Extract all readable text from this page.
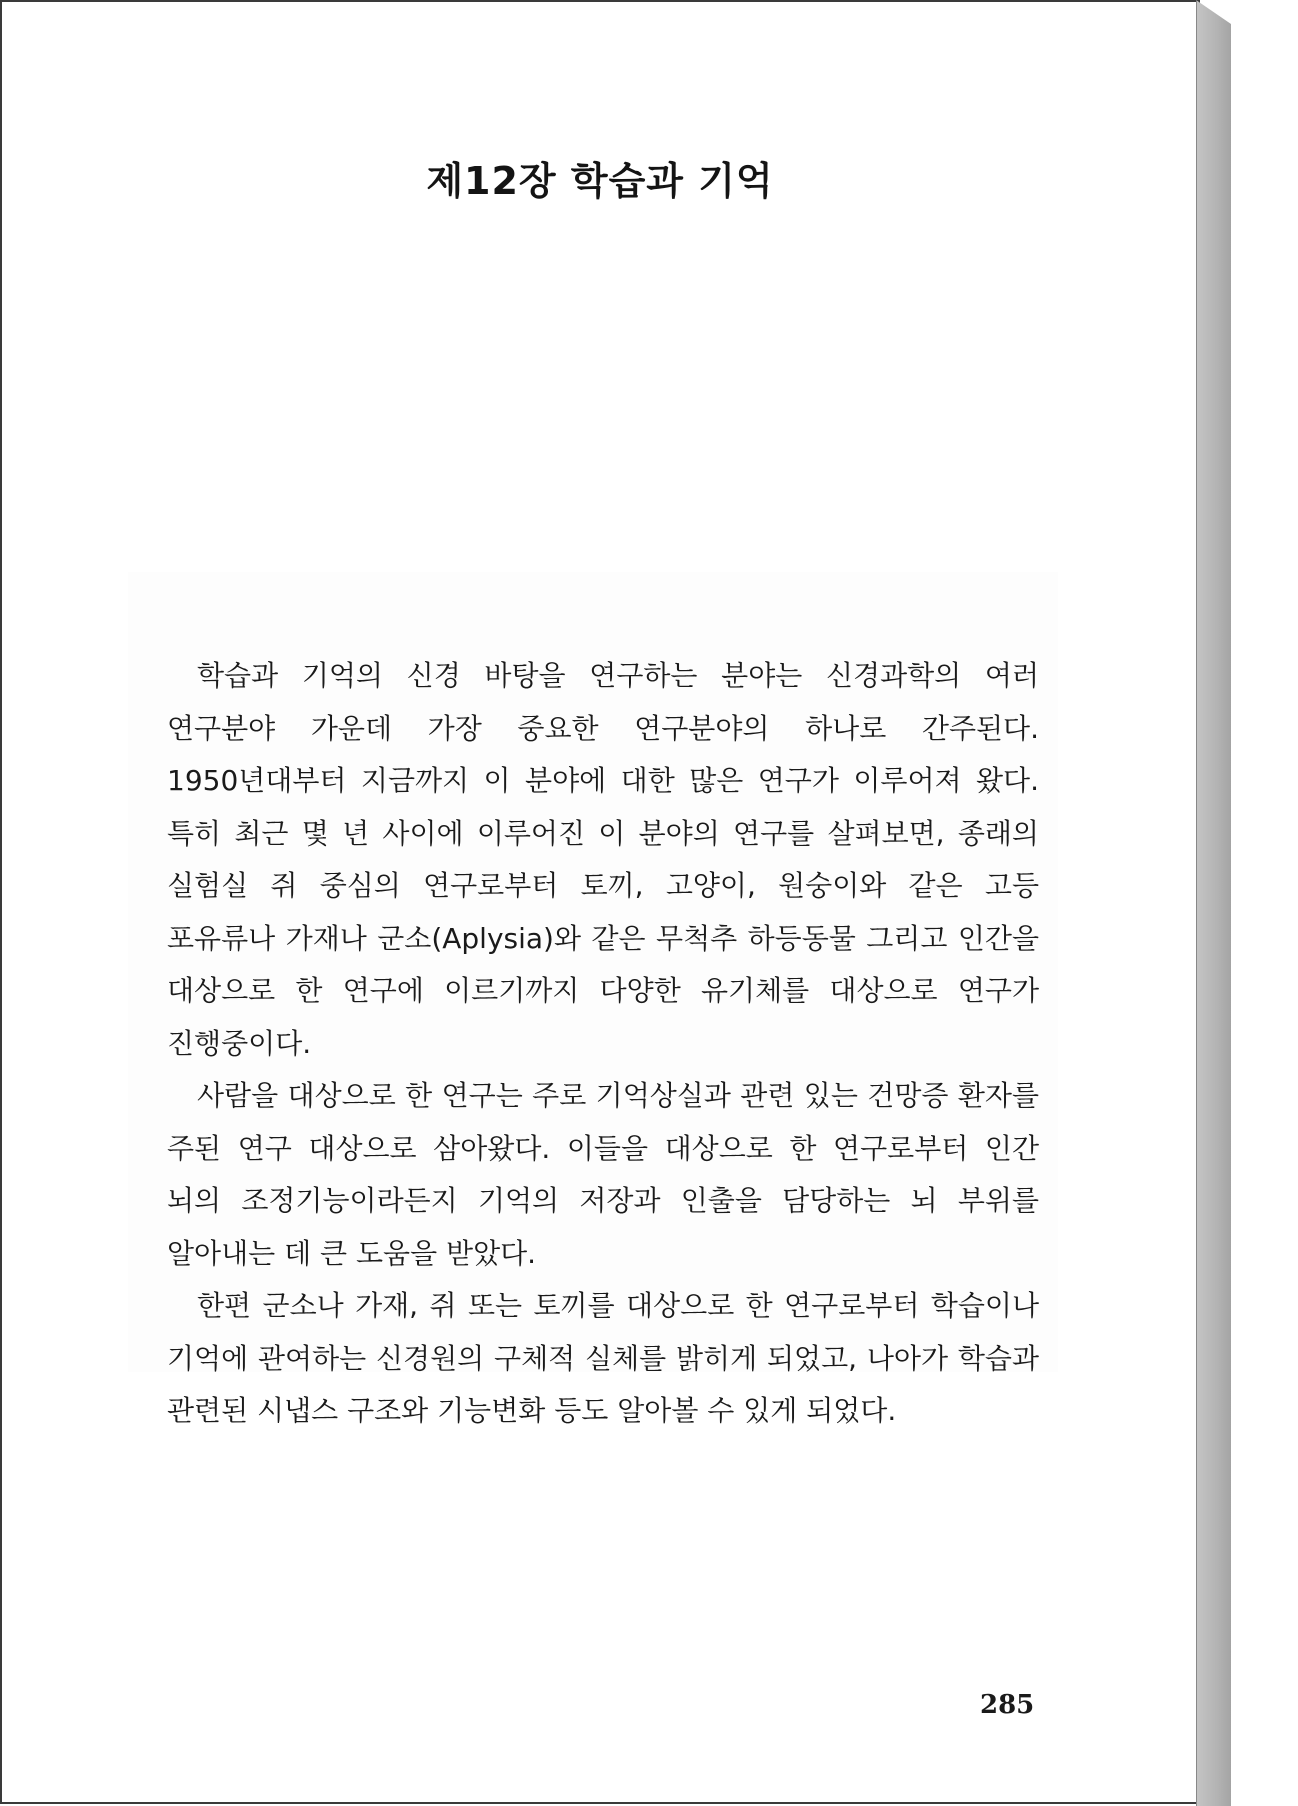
제12장 학습과 기억

학습과 기억의 신경 바탕을 연구하는 분야는 신경과학의 여러 연구분야 가운데 가장 중요한 연구분야의 하나로 간주된다. 1950년대부터 지금까지 이 분야에 대한 많은 연구가 이루어져 왔다. 특히 최근 몇 년 사이에 이루어진 이 분야의 연구를 살펴보면, 종래의 실험실 쥐 중심의 연구로부터 토끼, 고양이, 원숭이와 같은 고등 포유류나 가재나 군소(Aplysia)와 같은 무척추 하등동물 그리고 인간을 대상으로 한 연구에 이르기까지 다양한 유기체를 대상으로 연구가 진행중이다.

사람을 대상으로 한 연구는 주로 기억상실과 관련 있는 건망증 환자를 주된 연구 대상으로 삼아왔다. 이들을 대상으로 한 연구로부터 인간 뇌의 조정기능이라든지 기억의 저장과 인출을 담당하는 뇌 부위를 알아내는 데 큰 도움을 받았다.

한편 군소나 가재, 쥐 또는 토끼를 대상으로 한 연구로부터 학습이나 기억에 관여하는 신경원의 구체적 실체를 밝히게 되었고, 나아가 학습과 관련된 시냅스 구조와 기능변화 등도 알아볼 수 있게 되었다.

285
